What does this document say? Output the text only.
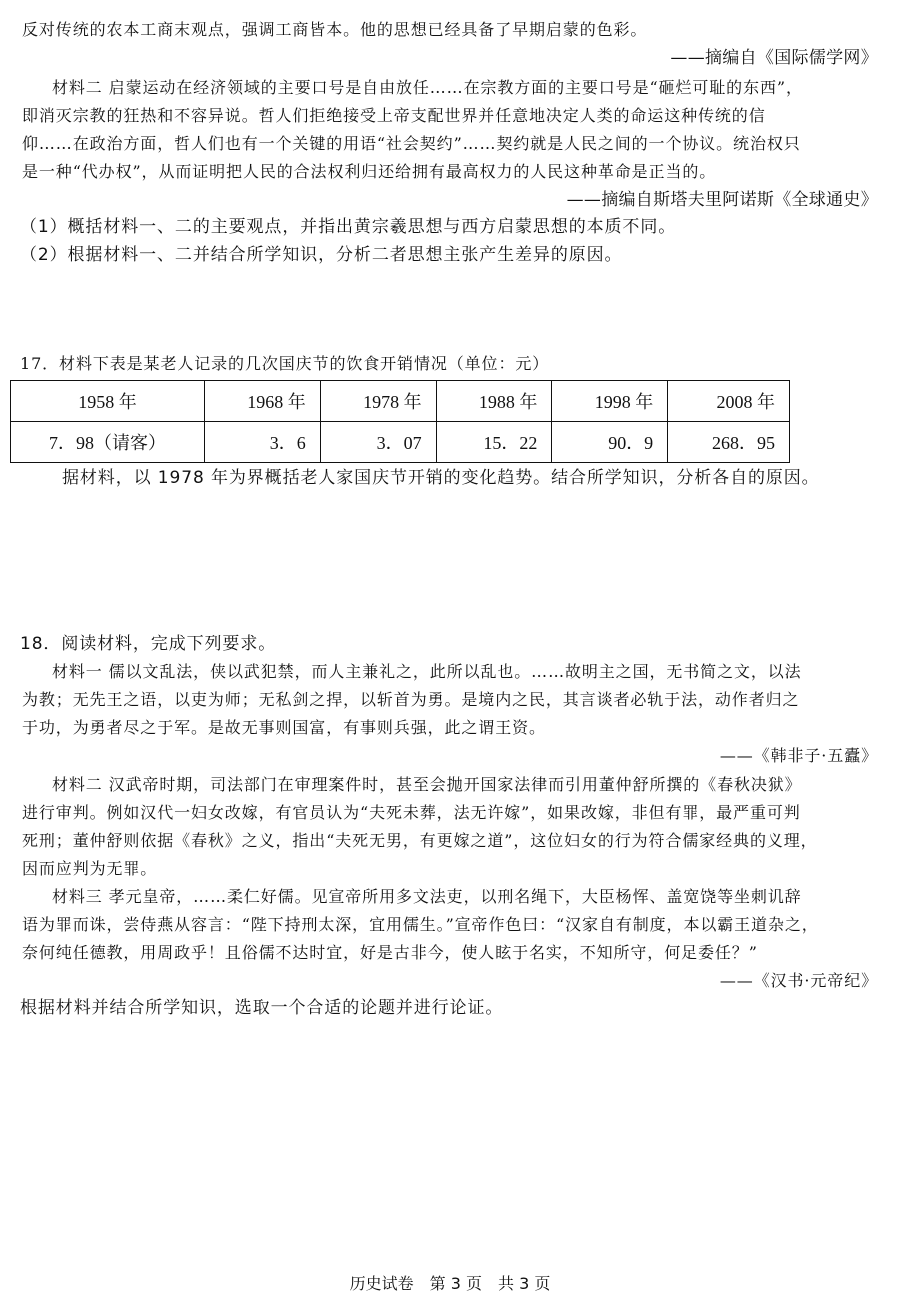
反对传统的农本工商末观点，强调工商皆本。他的思想已经具备了早期启蒙的色彩。
——摘编自《国际儒学网》
材料二 启蒙运动在经济领域的主要口号是自由放任……在宗教方面的主要口号是“砸烂可耻的东西”，
即消灭宗教的狂热和不容异说。哲人们拒绝接受上帝支配世界并任意地决定人类的命运这种传统的信
仰……在政治方面，哲人们也有一个关键的用语“社会契约”……契约就是人民之间的一个协议。统治权只
是一种“代办权”，从而证明把人民的合法权利归还给拥有最高权力的人民这种革命是正当的。
——摘编自斯塔夫里阿诺斯《全球通史》
（1）概括材料一、二的主要观点，并指出黄宗羲思想与西方启蒙思想的本质不同。
（2）根据材料一、二并结合所学知识，分析二者思想主张产生差异的原因。
17．材料下表是某老人记录的几次国庆节的饮食开销情况（单位：元）
1958 年	1968 年	1978 年	1988 年	1998 年	2008 年
7．98（请客）	3．6	3．07	15．22	90．9	268．95
据材料，以 1978 年为界概括老人家国庆节开销的变化趋势。结合所学知识，分析各自的原因。
18．阅读材料，完成下列要求。
材料一 儒以文乱法，侠以武犯禁，而人主兼礼之，此所以乱也。……故明主之国，无书简之文，以法
为教；无先王之语，以吏为师；无私剑之捍，以斩首为勇。是境内之民，其言谈者必轨于法，动作者归之
于功，为勇者尽之于军。是故无事则国富，有事则兵强，此之谓王资。
——《韩非子·五蠹》
材料二 汉武帝时期，司法部门在审理案件时，甚至会抛开国家法律而引用董仲舒所撰的《春秋决狱》
进行审判。例如汉代一妇女改嫁，有官员认为“夫死未葬，法无许嫁”，如果改嫁，非但有罪，最严重可判
死刑；董仲舒则依据《春秋》之义，指出“夫死无男，有更嫁之道”，这位妇女的行为符合儒家经典的义理，
因而应判为无罪。
材料三 孝元皇帝，……柔仁好儒。见宣帝所用多文法吏，以刑名绳下，大臣杨恽、盖宽饶等坐刺讥辞
语为罪而诛，尝侍燕从容言：“陛下持刑太深，宜用儒生。”宣帝作色曰：“汉家自有制度，本以霸王道杂之，
奈何纯任德教，用周政乎！且俗儒不达时宜，好是古非今，使人眩于名实，不知所守，何足委任？”
——《汉书·元帝纪》
根据材料并结合所学知识，选取一个合适的论题并进行论证。
历史试卷　第 3 页　共 3 页
